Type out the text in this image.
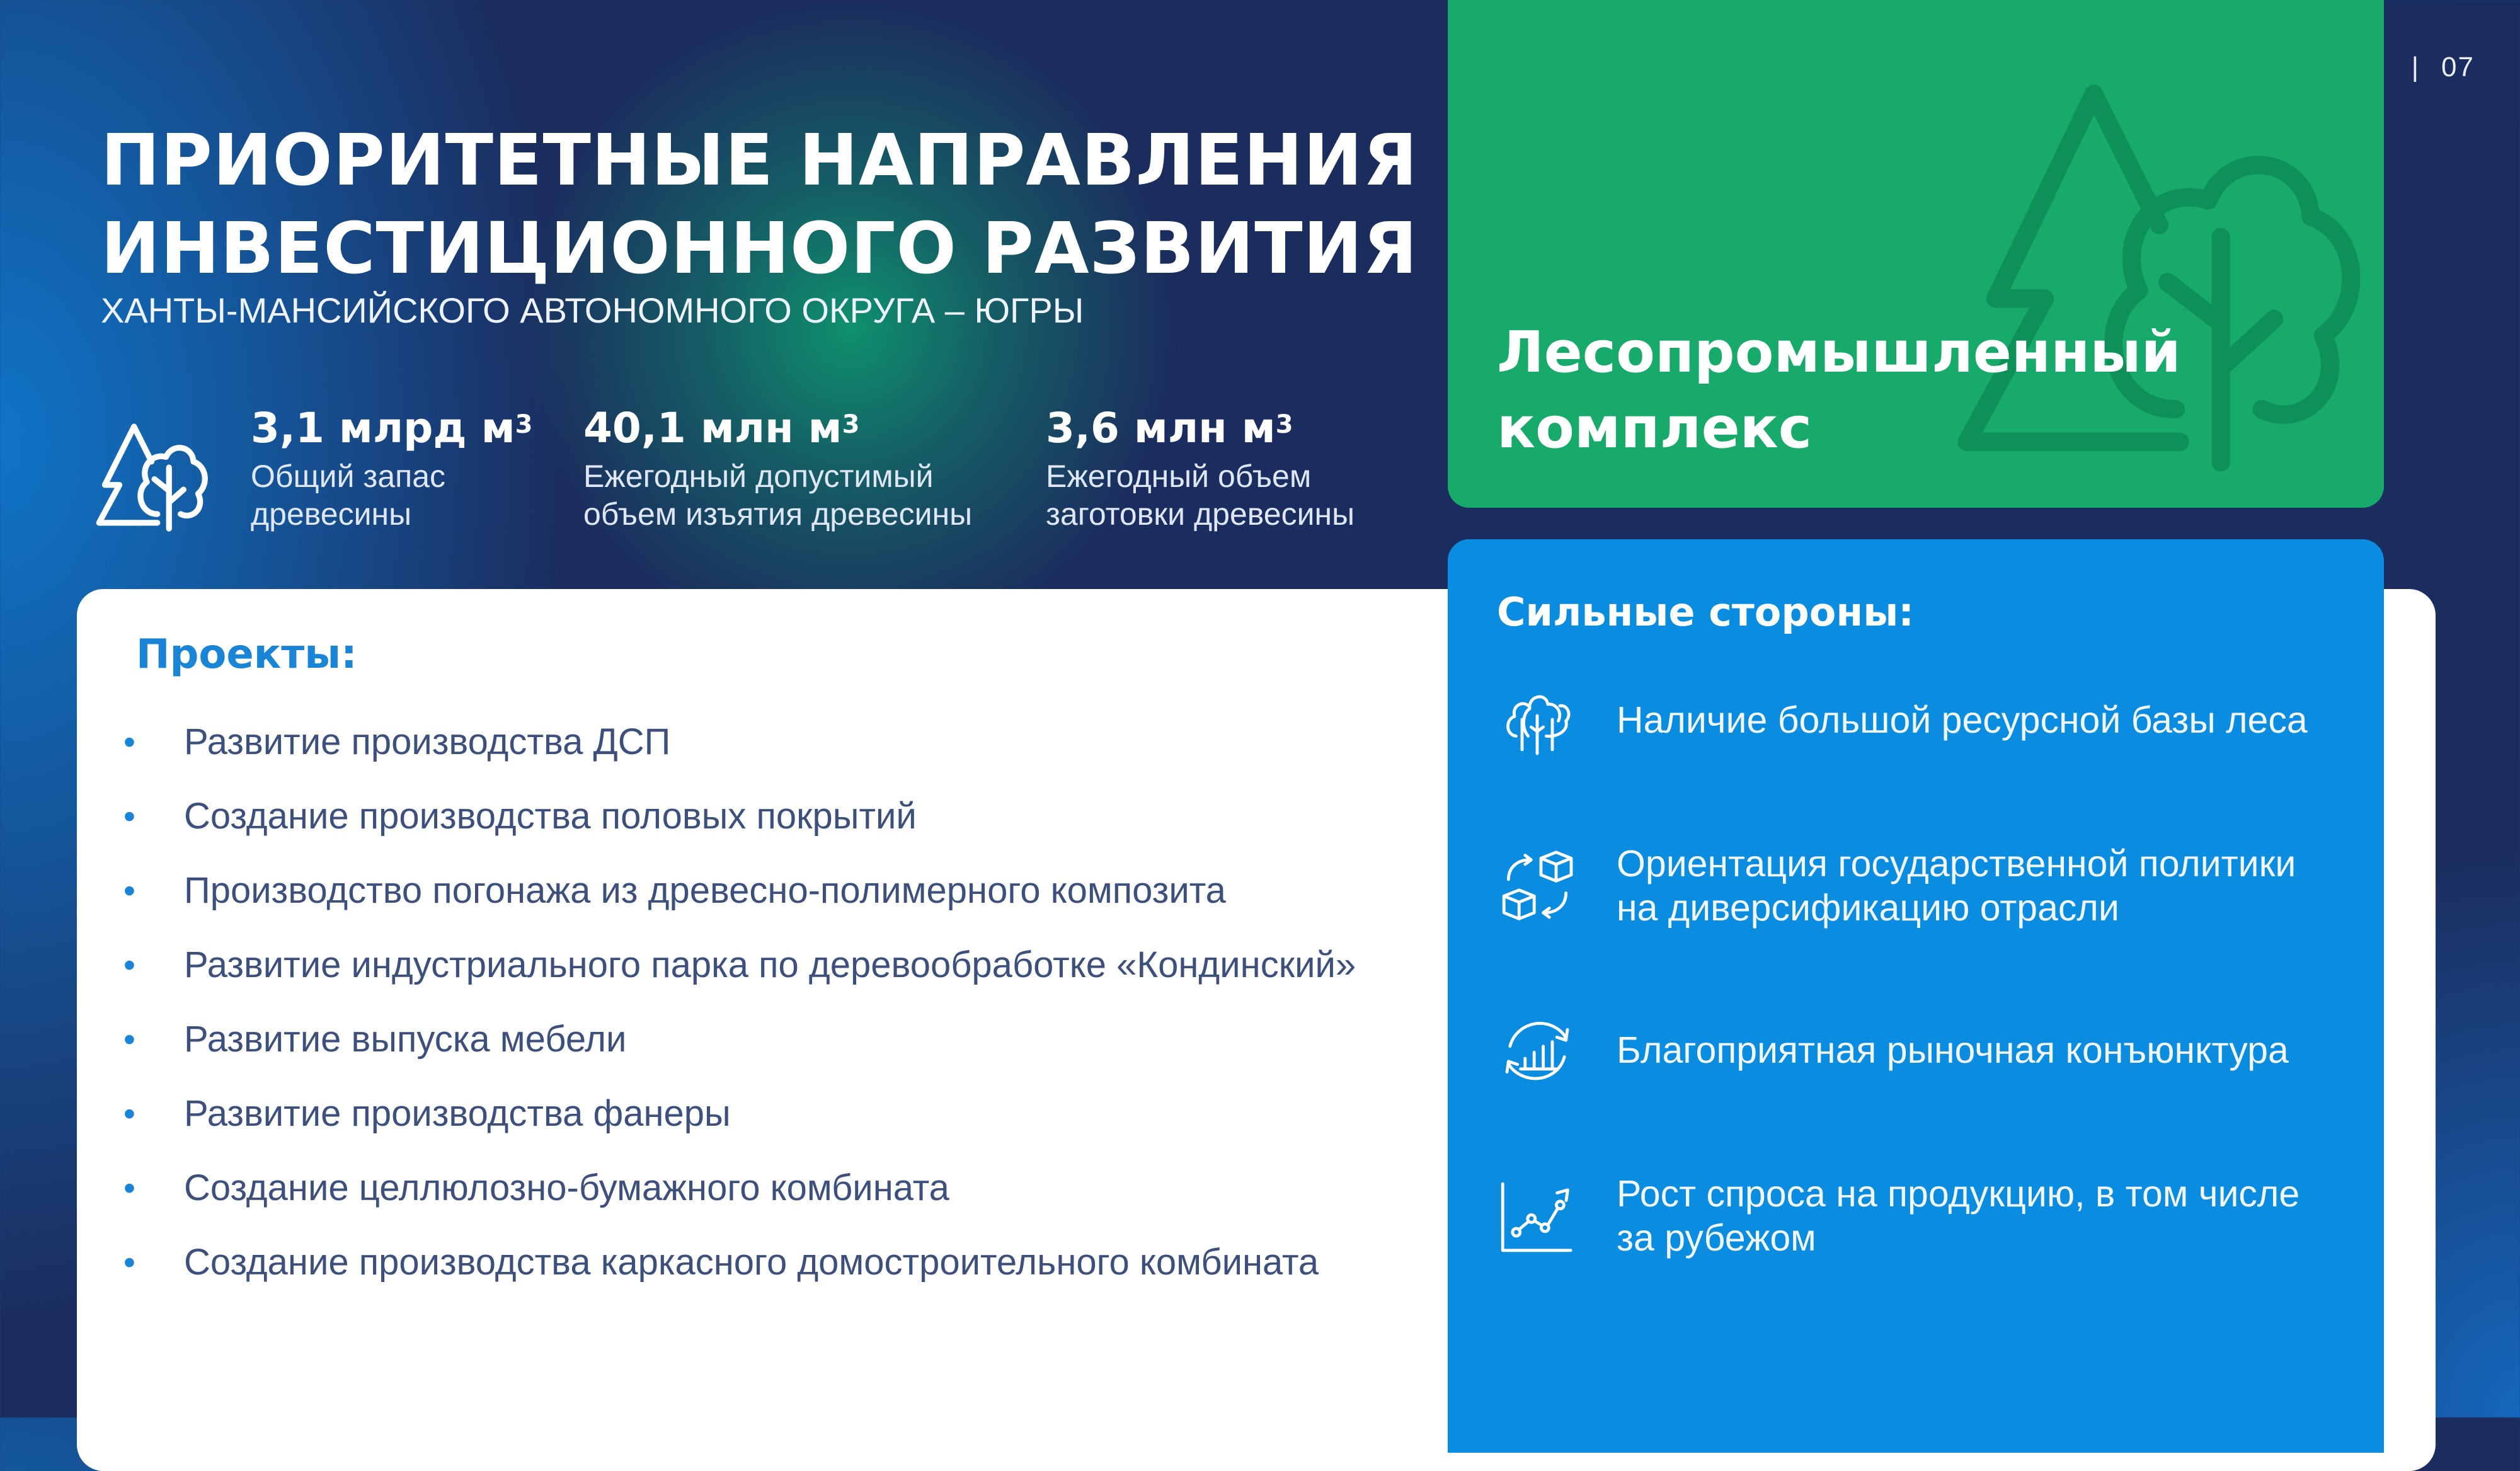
| 07
ПРИОРИТЕТНЫЕ НАПРАВЛЕНИЯ
ИНВЕСТИЦИОННОГО РАЗВИТИЯ
ХАНТЫ-МАНСИЙСКОГО АВТОНОМНОГО ОКРУГА – ЮГРЫ
3,1 млрд $м^3$
Общий запас
древесины
40,1 млн $м^3$
Ежегодный допустимый
объем изъятия древесины
3,6 млн $м^3$
Ежегодный объем
заготовки древесины
Проекты:
• Развитие производства ДСП
• Создание производства половых покрытий
• Производство погонажа из древесно-полимерного композита
• Развитие индустриального парка по деревообработке «Кондинский»
• Развитие выпуска мебели
• Развитие производства фанеры
• Создание целлюлозно-бумажного комбината
• Создание производства каркасного домостроительного комбината
Лесопромышленный
комплекс
Сильные стороны:
Наличие большой ресурсной базы леса
Ориентация государственной политики
на диверсификацию отрасли
Благоприятная рыночная конъюнктура
Рост спроса на продукцию, в том числе
за рубежом
